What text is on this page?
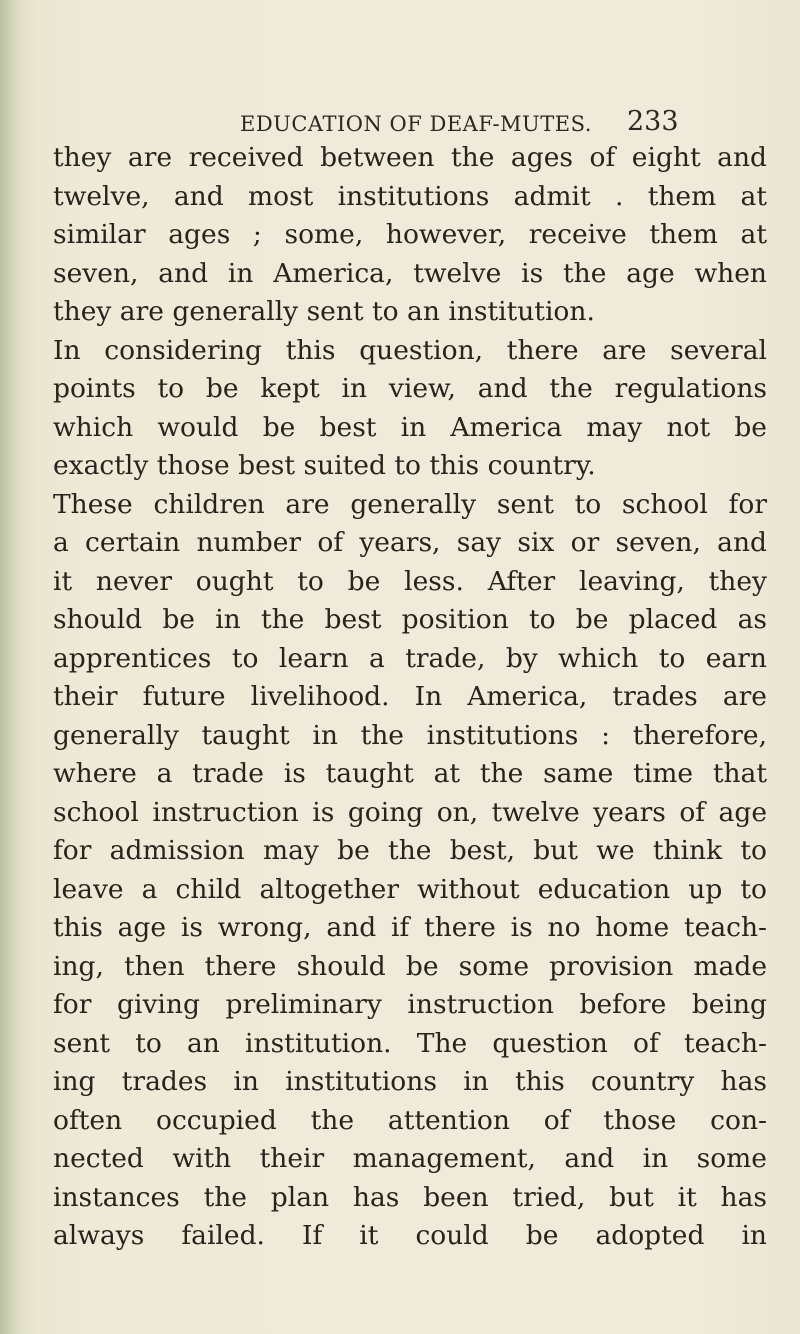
EDUCATION OF DEAF-MUTES. 233
they are received between the ages of eight and
twelve, and most institutions admit . them at
similar ages ; some, however, receive them at
seven, and in America, twelve is the age when
they are generally sent to an institution.
In considering this question, there are several
points to be kept in view, and the regulations
which would be best in America may not be
exactly those best suited to this country.
These children are generally sent to school for
a certain number of years, say six or seven, and
it never ought to be less. After leaving, they
should be in the best position to be placed as
apprentices to learn a trade, by which to earn
their future livelihood. In America, trades are
generally taught in the institutions : therefore,
where a trade is taught at the same time that
school instruction is going on, twelve years of age
for admission may be the best, but we think to
leave a child altogether without education up to
this age is wrong, and if there is no home teach-
ing, then there should be some provision made
for giving preliminary instruction before being
sent to an institution. The question of teach-
ing trades in institutions in this country has
often occupied the attention of those con-
nected with their management, and in some
instances the plan has been tried, but it has
always failed. If it could be adopted in
